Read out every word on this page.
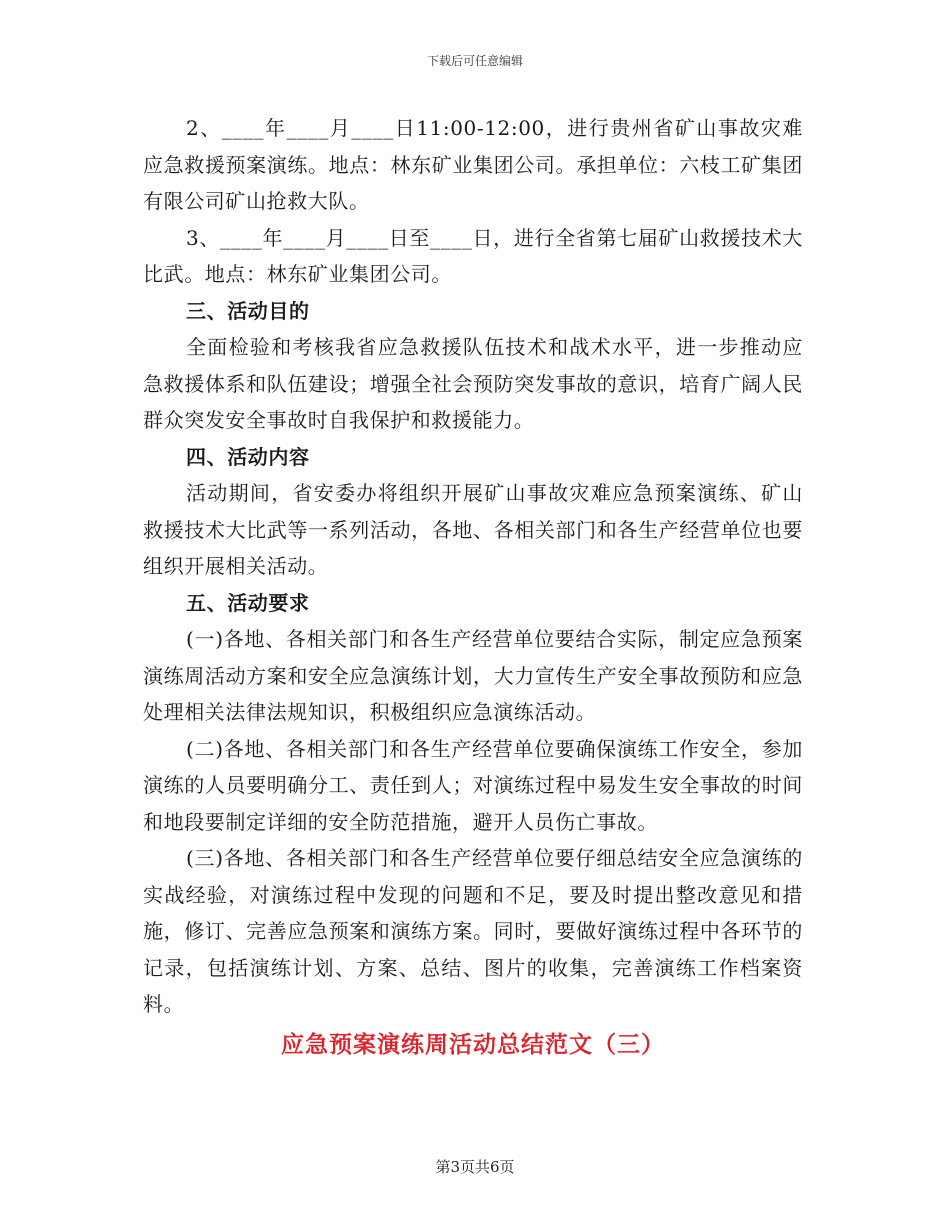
下载后可任意编辑

2、____年____月____日11:00-12:00，进行贵州省矿山事故灾难应急救援预案演练。地点：林东矿业集团公司。承担单位：六枝工矿集团有限公司矿山抢救大队。

3、____年____月____日至____日，进行全省第七届矿山救援技术大比武。地点：林东矿业集团公司。

三、活动目的

全面检验和考核我省应急救援队伍技术和战术水平，进一步推动应急救援体系和队伍建设；增强全社会预防突发事故的意识，培育广阔人民群众突发安全事故时自我保护和救援能力。

四、活动内容

活动期间，省安委办将组织开展矿山事故灾难应急预案演练、矿山救援技术大比武等一系列活动，各地、各相关部门和各生产经营单位也要组织开展相关活动。

五、活动要求

(一)各地、各相关部门和各生产经营单位要结合实际，制定应急预案演练周活动方案和安全应急演练计划，大力宣传生产安全事故预防和应急处理相关法律法规知识，积极组织应急演练活动。

(二)各地、各相关部门和各生产经营单位要确保演练工作安全，参加演练的人员要明确分工、责任到人；对演练过程中易发生安全事故的时间和地段要制定详细的安全防范措施，避开人员伤亡事故。

(三)各地、各相关部门和各生产经营单位要仔细总结安全应急演练的实战经验，对演练过程中发现的问题和不足，要及时提出整改意见和措施，修订、完善应急预案和演练方案。同时，要做好演练过程中各环节的记录，包括演练计划、方案、总结、图片的收集，完善演练工作档案资料。

应急预案演练周活动总结范文（三）

第3页共6页
